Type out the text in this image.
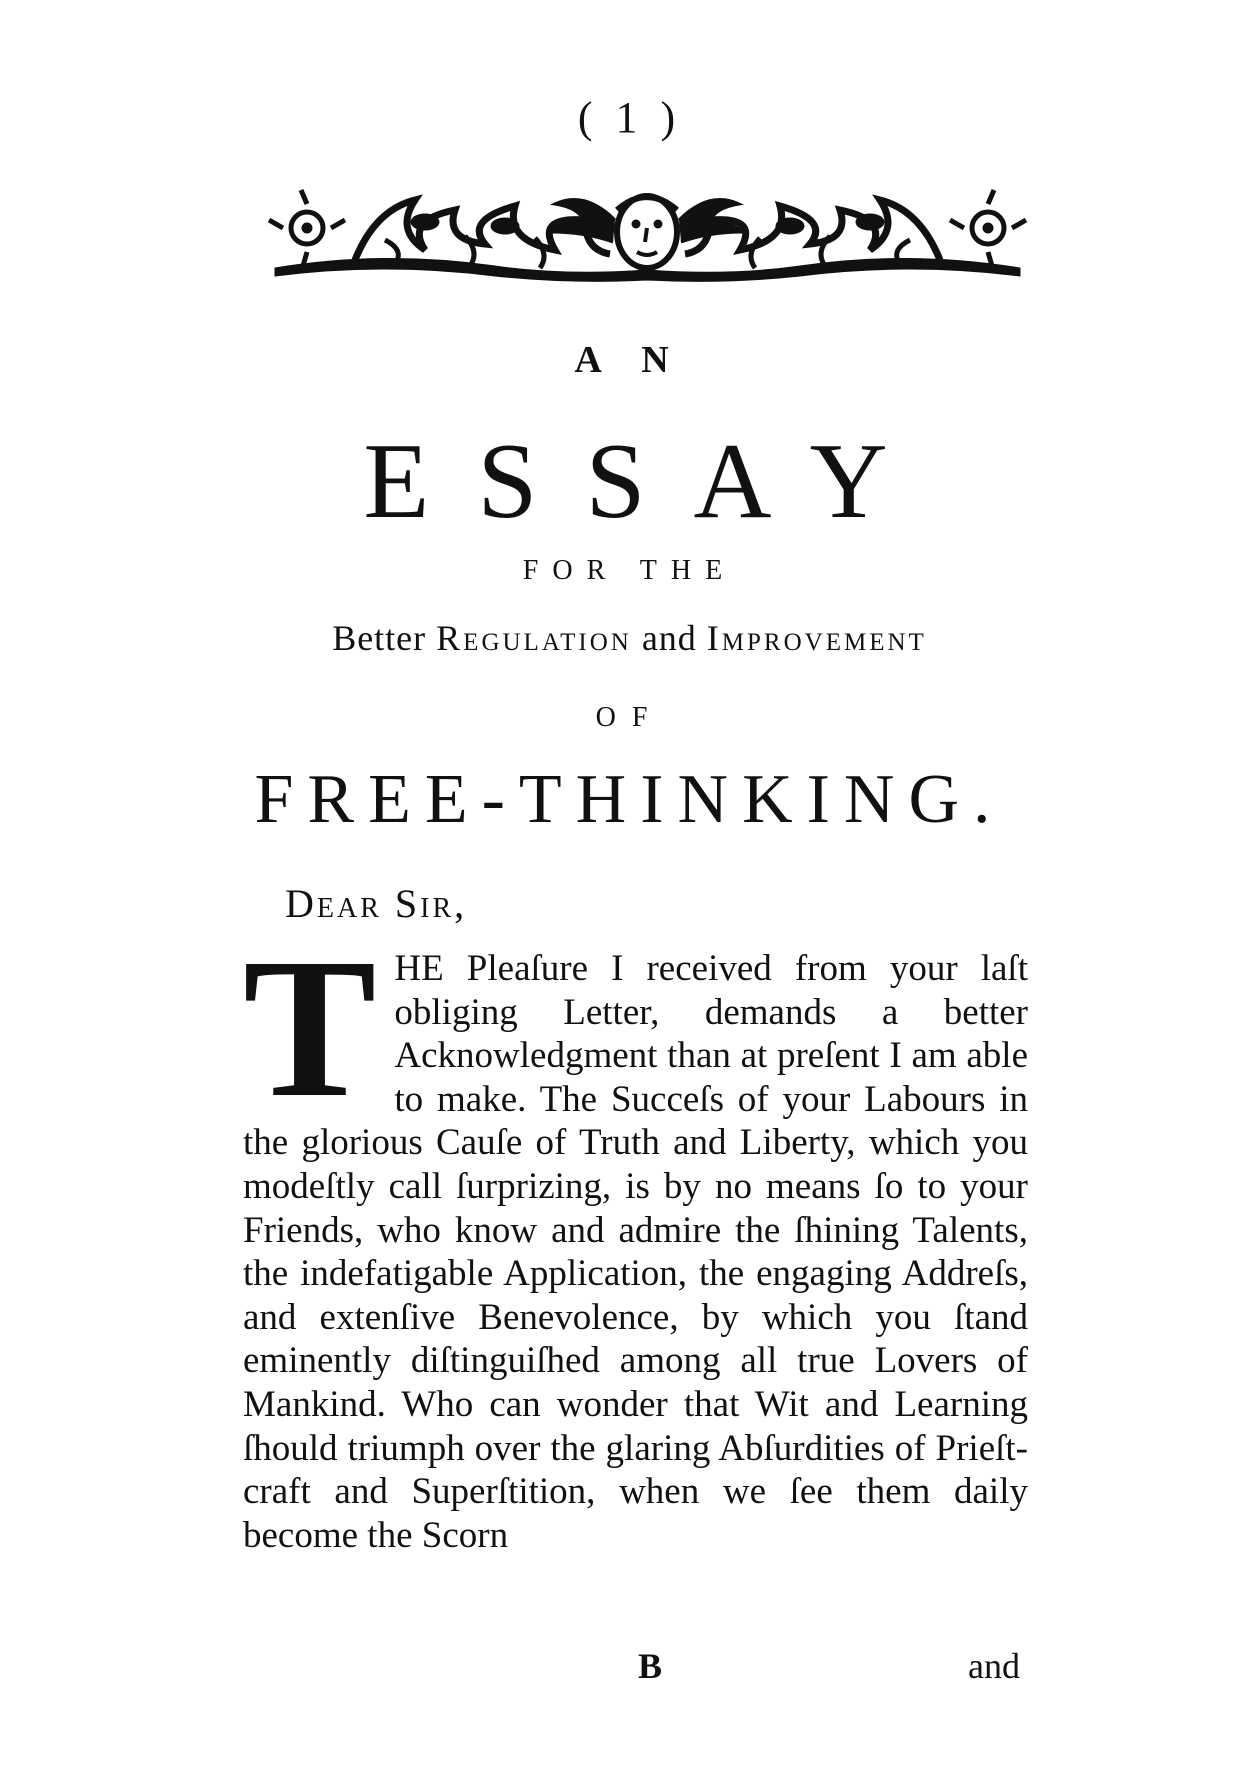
( 1 )
A N
ESSAY
FOR THE
Better Regulation and Improvement
OF
FREE-THINKING.
Dear Sir,
THE Pleaſure I received from your laſt obliging Letter, demands a better Acknowledgment than at preſent I am able to make. The Succeſs of your Labours in the glorious Cauſe of Truth and Liberty, which you modeſtly call ſurprizing, is by no means ſo to your Friends, who know and admire the ſhining Talents, the indefatigable Application, the engaging Addreſs, and extenſive Benevolence, by which you ſtand eminently diſtinguiſhed among all true Lovers of Mankind. Who can wonder that Wit and Learning ſhould triumph over the glaring Abſurdities of Prieſt-craft and Superſtition, when we ſee them daily become the Scorn
B	and
